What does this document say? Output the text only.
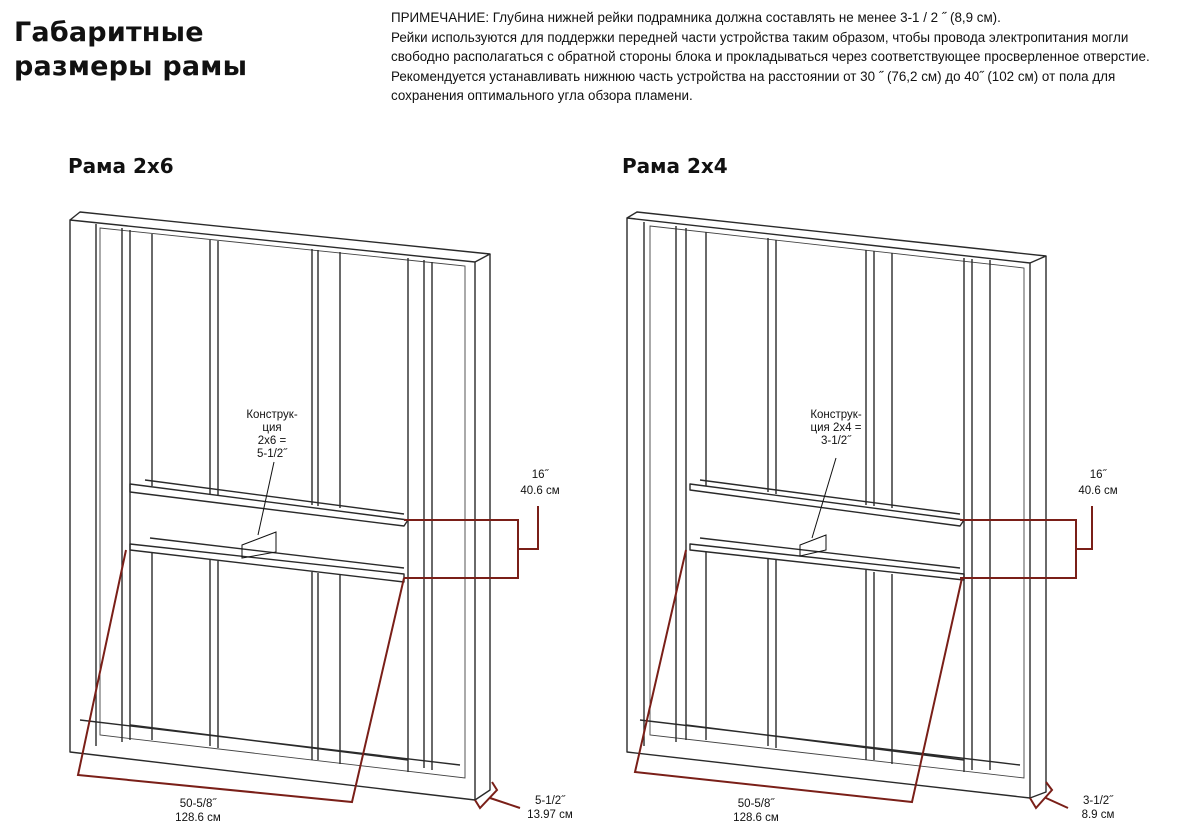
Габаритные
размеры рамы

ПРИМЕЧАНИЕ: Глубина нижней рейки подрамника должна составлять не менее 3-1 / 2 ˝ (8,9 см).

Рейки используются для поддержки передней части устройства таким образом, чтобы провода электропитания могли свободно располагаться с обратной стороны блока и прокладываться через соответствующее просверленное отверстие.

Рекомендуется устанавливать нижнюю часть устройства на расстоянии от 30 ˝ (76,2 см) до 40˝ (102 см) от пола для сохранения оптимального угла обзора пламени.

Рама 2x6	Рама 2x4
Конструк-
ция
2x6 =
5-1/2˝
16˝
40.6 см
50-5/8˝
128.6 см
5-1/2˝
13.97 см
Конструк-
ция 2x4 =
3-1/2˝
16˝
40.6 см
50-5/8˝
128.6 см
3-1/2˝
8.9 см
